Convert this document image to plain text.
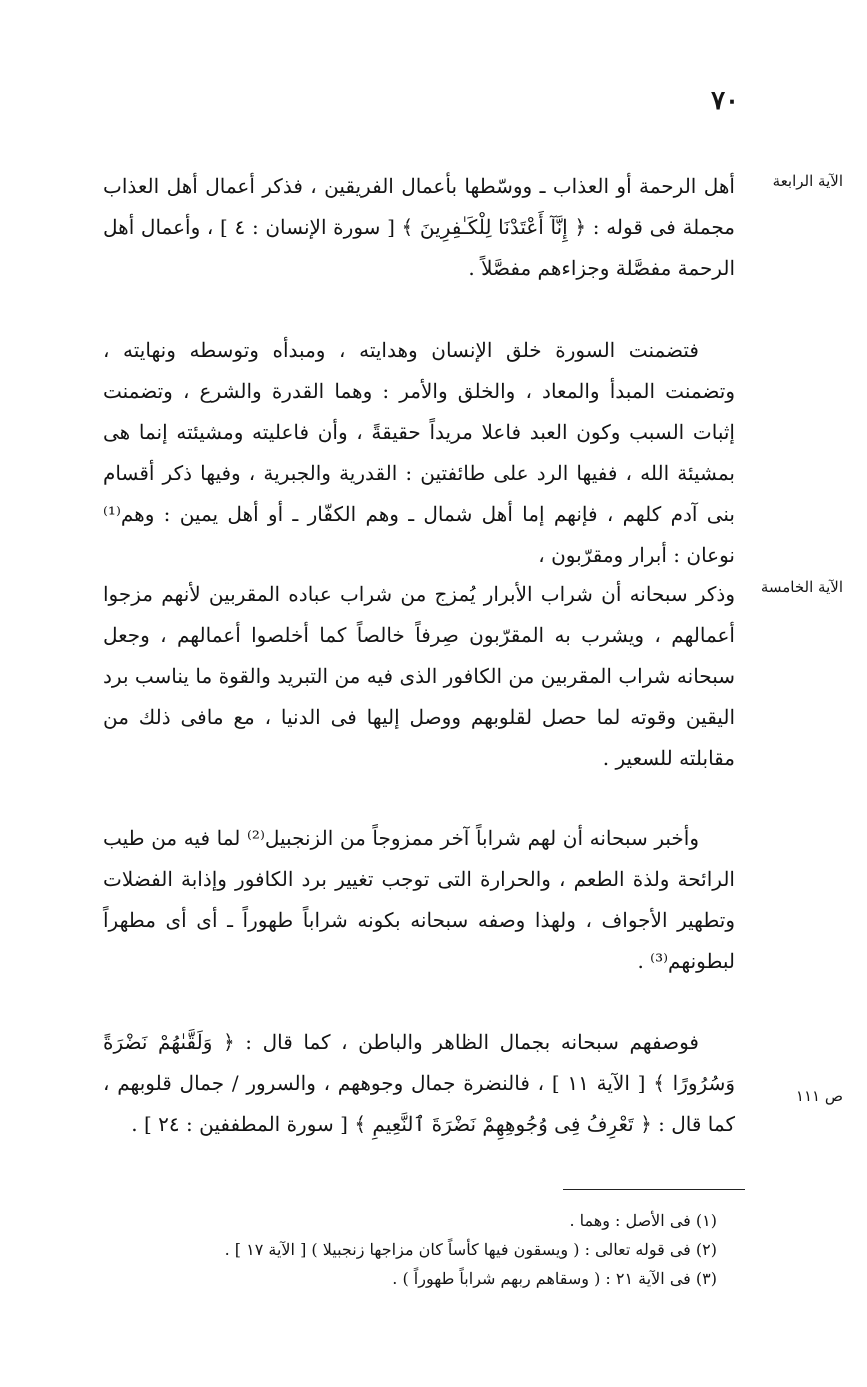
٧٠
الآية الرابعة
الآية الخامسة
ص ١١١

أهل الرحمة أو العذاب ـ ووسّطها بأعمال الفريقين ، فذكر أعمال أهل العذاب مجملة فى قوله : ﴿ إِنَّآ أَعْتَدْنَا لِلْكَـٰفِرِينَ ﴾ [ سورة الإنسان : ٤ ] ، وأعمال أهل الرحمة مفصَّلة وجزاءهم مفصَّلاً .

فتضمنت السورة خلق الإنسان وهدايته ، ومبدأه وتوسطه ونهايته ، وتضمنت المبدأ والمعاد ، والخلق والأمر : وهما القدرة والشرع ، وتضمنت إثبات السبب وكون العبد فاعلا مريداً حقيقةً ، وأن فاعليته ومشيئته إنما هى بمشيئة الله ، ففيها الرد على طائفتين : القدرية والجبرية ، وفيها ذكر أقسام بنى آدم كلهم ، فإنهم إما أهل شمال ـ وهم الكفّار ـ أو أهل يمين : وهم⁽¹⁾ نوعان : أبرار ومقرّبون ،

وذكر سبحانه أن شراب الأبرار يُمزج من شراب عباده المقربين لأنهم مزجوا أعمالهم ، ويشرب به المقرّبون صِرفاً خالصاً كما أخلصوا أعمالهم ، وجعل سبحانه شراب المقربين من الكافور الذى فيه من التبريد والقوة ما يناسب برد اليقين وقوته لما حصل لقلوبهم ووصل إليها فى الدنيا ، مع مافى ذلك من مقابلته للسعير .

وأخبر سبحانه أن لهم شراباً آخر ممزوجاً من الزنجبيل⁽²⁾ لما فيه من طيب الرائحة ولذة الطعم ، والحرارة التى توجب تغيير برد الكافور وإذابة الفضلات وتطهير الأجواف ، ولهذا وصفه سبحانه بكونه شراباً طهوراً ـ أى أى مطهراً لبطونهم⁽³⁾ .

فوصفهم سبحانه بجمال الظاهر والباطن ، كما قال : ﴿ وَلَقَّىٰهُمْ نَضْرَةً وَسُرُورًا ﴾ [ الآية ١١ ] ، فالنضرة جمال وجوههم ، والسرور / جمال قلوبهم ، كما قال : ﴿ تَعْرِفُ فِى وُجُوهِهِمْ نَضْرَةَ ٱلنَّعِيمِ ﴾ [ سورة المطففين : ٢٤ ] .

(١) فى الأصل : وهما .
(٢) فى قوله تعالى : ( ويسقون فيها كأساً كان مزاجها زنجبيلا ) [ الآية ١٧ ] .
(٣) فى الآية ٢١ : ( وسقاهم ربهم شراباً طهوراً ) .
